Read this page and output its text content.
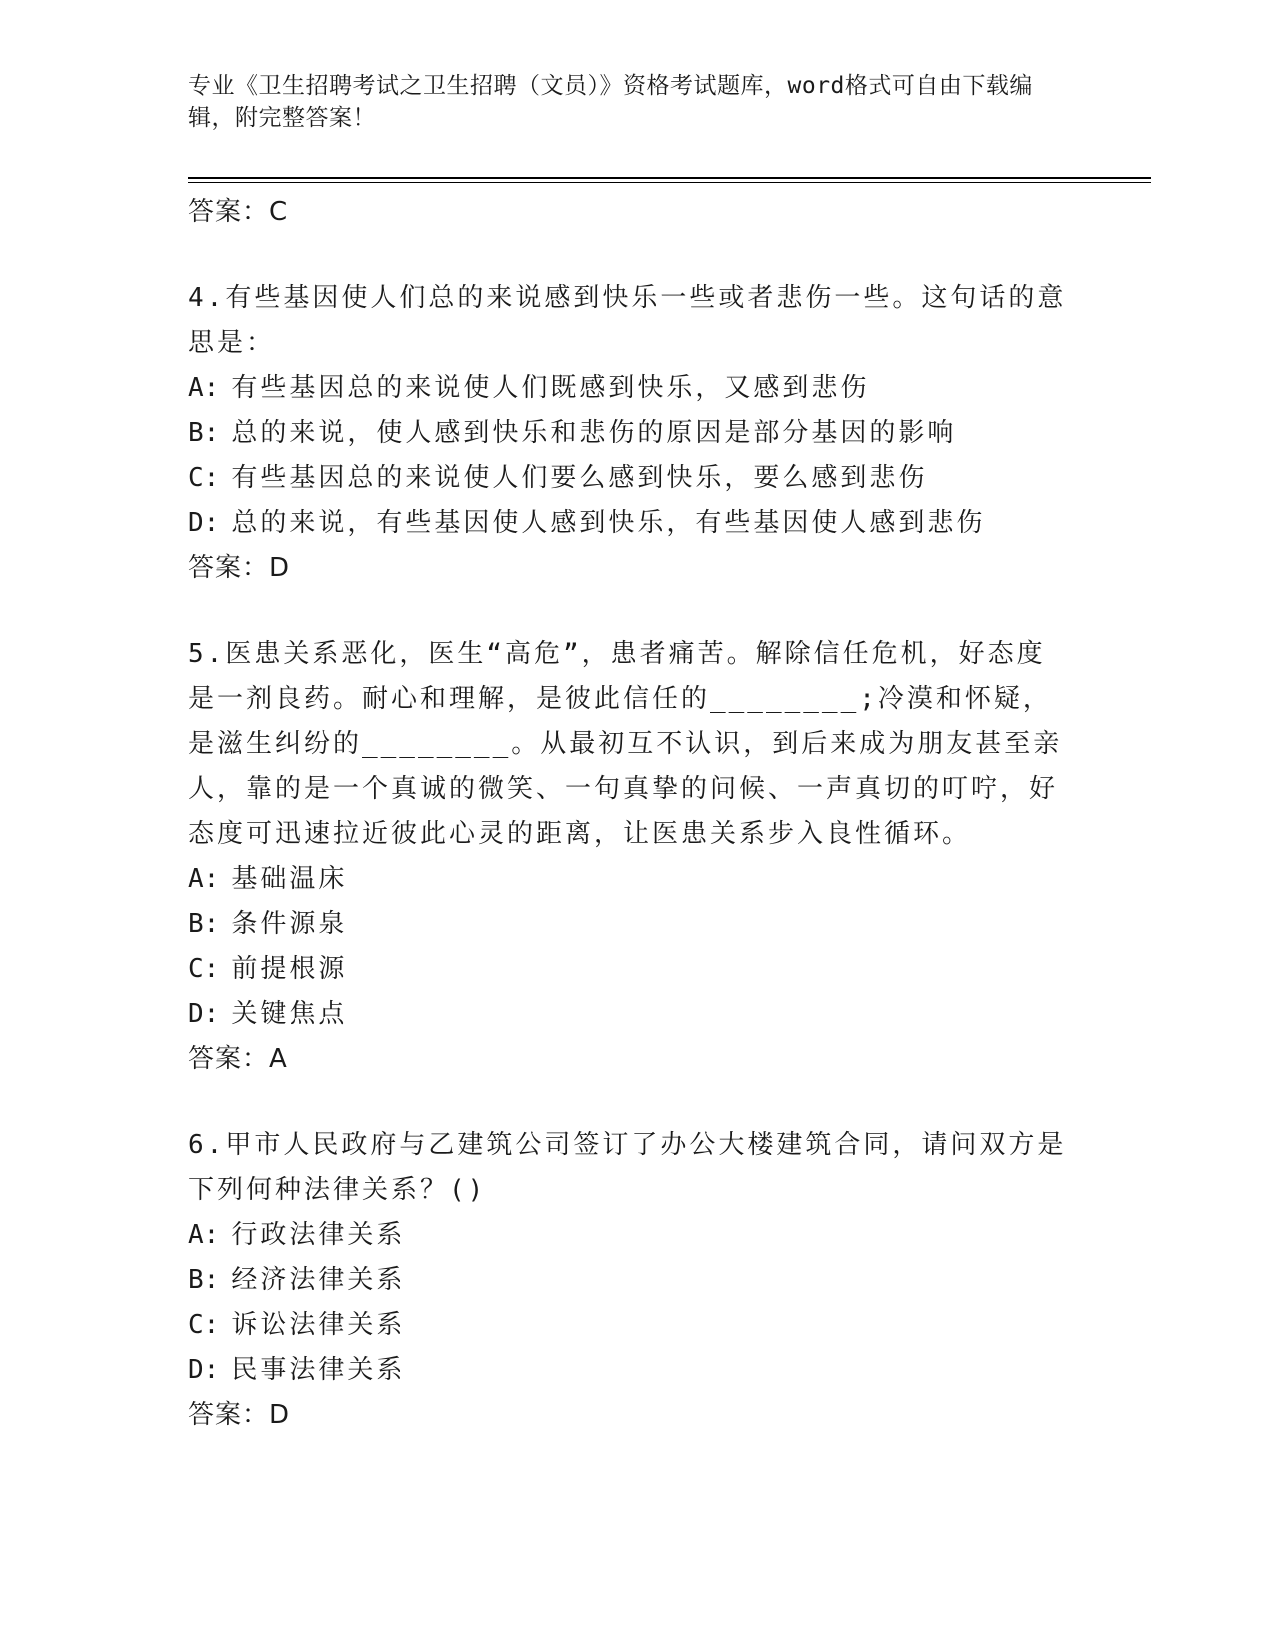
专业《卫生招聘考试之卫生招聘（文员）》资格考试题库，word格式可自由下载编辑，附完整答案！

答案：C

4.有些基因使人们总的来说感到快乐一些或者悲伤一些。这句话的意思是：

A: 有些基因总的来说使人们既感到快乐，又感到悲伤

B: 总的来说，使人感到快乐和悲伤的原因是部分基因的影响

C: 有些基因总的来说使人们要么感到快乐，要么感到悲伤

D: 总的来说，有些基因使人感到快乐，有些基因使人感到悲伤

答案：D

5.医患关系恶化，医生“高危”，患者痛苦。解除信任危机，好态度是一剂良药。耐心和理解，是彼此信任的________;冷漠和怀疑，是滋生纠纷的________。从最初互不认识，到后来成为朋友甚至亲人，靠的是一个真诚的微笑、一句真挚的问候、一声真切的叮咛，好态度可迅速拉近彼此心灵的距离，让医患关系步入良性循环。

A: 基础温床

B: 条件源泉

C: 前提根源

D: 关键焦点

答案：A

6.甲市人民政府与乙建筑公司签订了办公大楼建筑合同，请问双方是下列何种法律关系？()

A: 行政法律关系

B: 经济法律关系

C: 诉讼法律关系

D: 民事法律关系

答案：D
